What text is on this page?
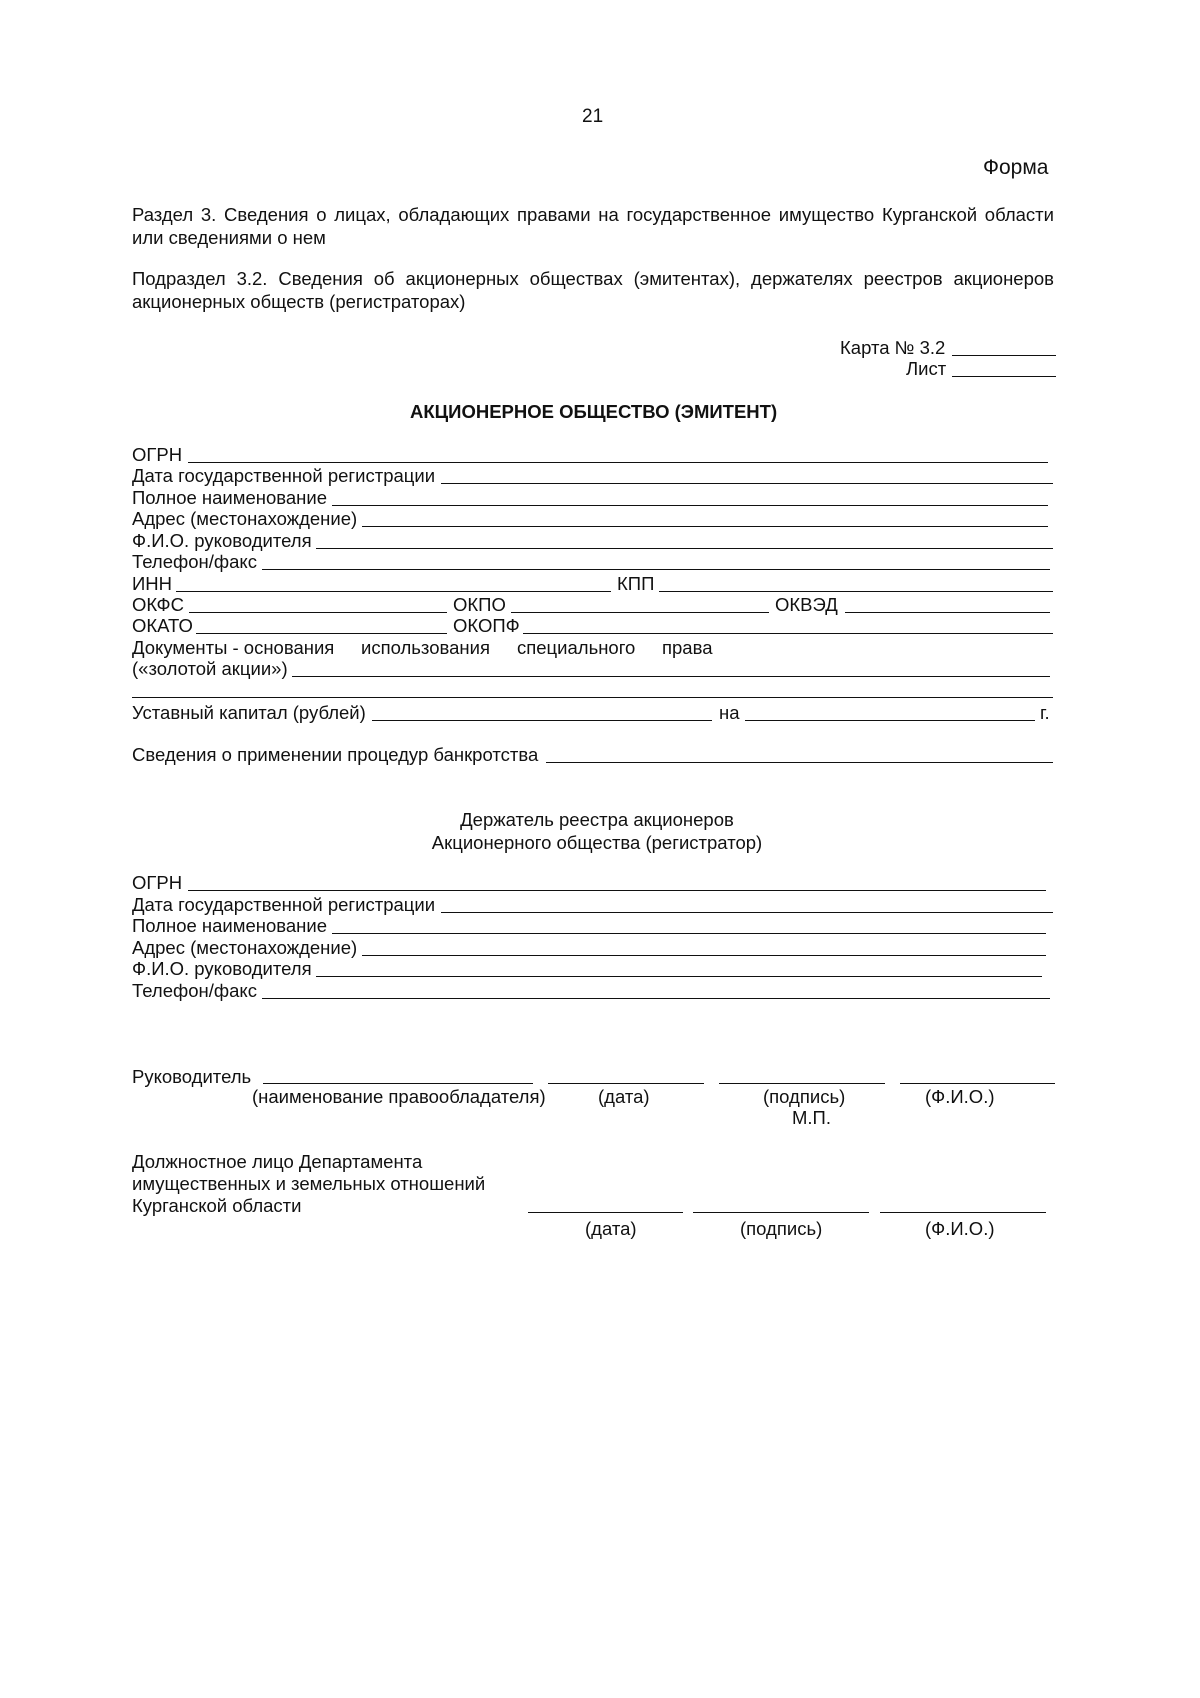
21
Форма
Раздел 3. Сведения о лицах, обладающих правами на государственное имущество Курганской области или сведениями о нем
Подраздел 3.2. Сведения об акционерных обществах (эмитентах), держателях реестров акционеров акционерных обществ (регистраторах)
Карта № 3.2
Лист
АКЦИОНЕРНОЕ ОБЩЕСТВО (ЭМИТЕНТ)
ОГРН
Дата государственной регистрации
Полное наименование
Адрес (местонахождение)
Ф.И.О. руководителя
Телефон/факс
ИНН	КПП
ОКФС	ОКПО	ОКВЭД
ОКАТО	ОКОПФ
Документы - основания использования специального права
(«золотой акции»)
Уставный капитал (рублей)	на	г.
Сведения о применении процедур банкротства
Держатель реестра акционеров
Акционерного общества (регистратор)
ОГРН
Дата государственной регистрации
Полное наименование
Адрес (местонахождение)
Ф.И.О. руководителя
Телефон/факс
Руководитель
(наименование правообладателя)	(дата)	(подпись)	(Ф.И.О.)
М.П.
Должностное лицо Департамента
имущественных и земельных отношений
Курганской области
(дата)	(подпись)	(Ф.И.О.)
